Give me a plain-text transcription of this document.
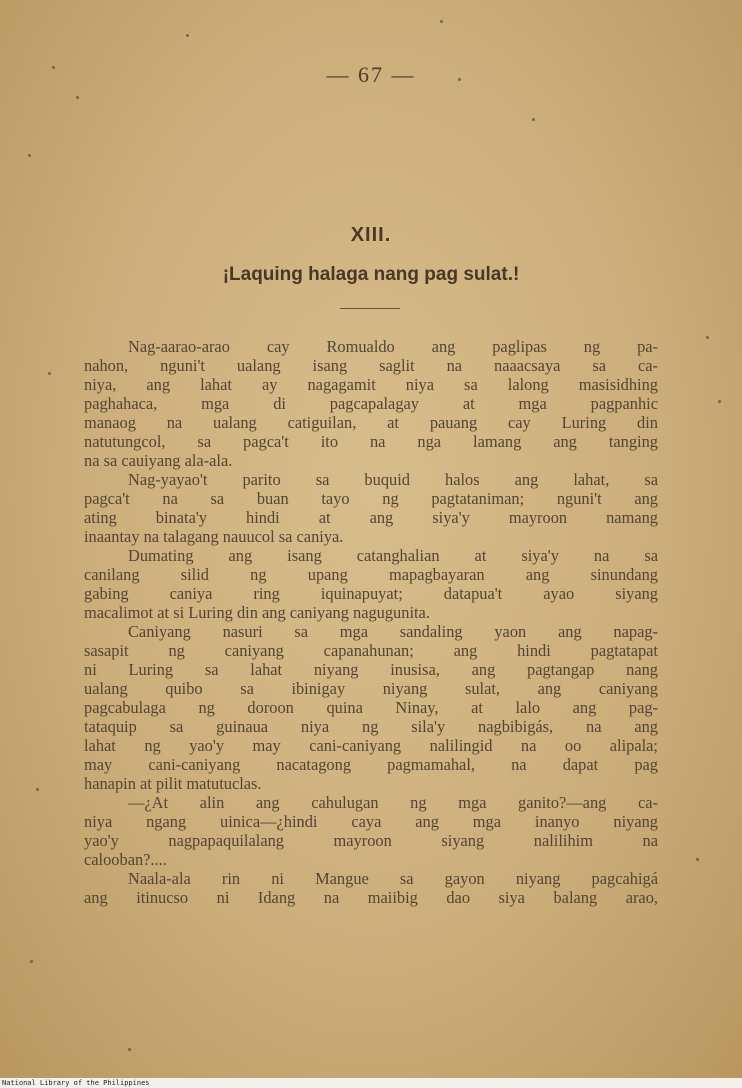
— 67 —
XIII.
¡Laquing halaga nang pag sulat.!
Nag-aarao-arao cay Romualdo ang paglipas ng pa-
nahon, nguni't ualang isang saglit na naaacsaya sa ca-
niya, ang lahat ay nagagamit niya sa lalong masisidhing
paghahaca, mga di pagcapalagay at mga pagpanhic
manaog na ualang catiguilan, at pauang cay Luring din
natutungcol, sa pagca't ito na nga lamang ang tanging
na sa cauiyang ala-ala.
Nag-yayao't parito sa buquid halos ang lahat, sa
pagca't na sa buan tayo ng pagtataniman; nguni't ang
ating binata'y hindi at ang siya'y mayroon namang
inaantay na talagang nauucol sa caniya.
Dumating ang isang catanghalian at siya'y na sa
canilang silid ng upang mapagbayaran ang sinundang
gabing caniya ring iquinapuyat; datapua't ayao siyang
macalimot at si Luring din ang caniyang nagugunita.
Caniyang nasuri sa mga sandaling yaon ang napag-
sasapit ng caniyang capanahunan; ang hindi pagtatapat
ni Luring sa lahat niyang inusisa, ang pagtangap nang
ualang quibo sa ibinigay niyang sulat, ang caniyang
pagcabulaga ng doroon quina Ninay, at lalo ang pag-
tataquip sa guinaua niya ng sila'y nagbibigás, na ang
lahat ng yao'y may cani-caniyang nalilingid na oo alipala;
may cani-caniyang nacatagong pagmamahal, na dapat pag
hanapin at pilit matutuclas.
—¿At alin ang cahulugan ng mga ganito?—ang ca-
niya ngang uinica—¿hindi caya ang mga inanyo niyang
yao'y nagpapaquilalang mayroon siyang nalilihim na
calooban?....
Naala-ala rin ni Mangue sa gayon niyang pagcahigá
ang itinucso ni Idang na maiibig dao siya balang arao,
National Library of the Philippines
